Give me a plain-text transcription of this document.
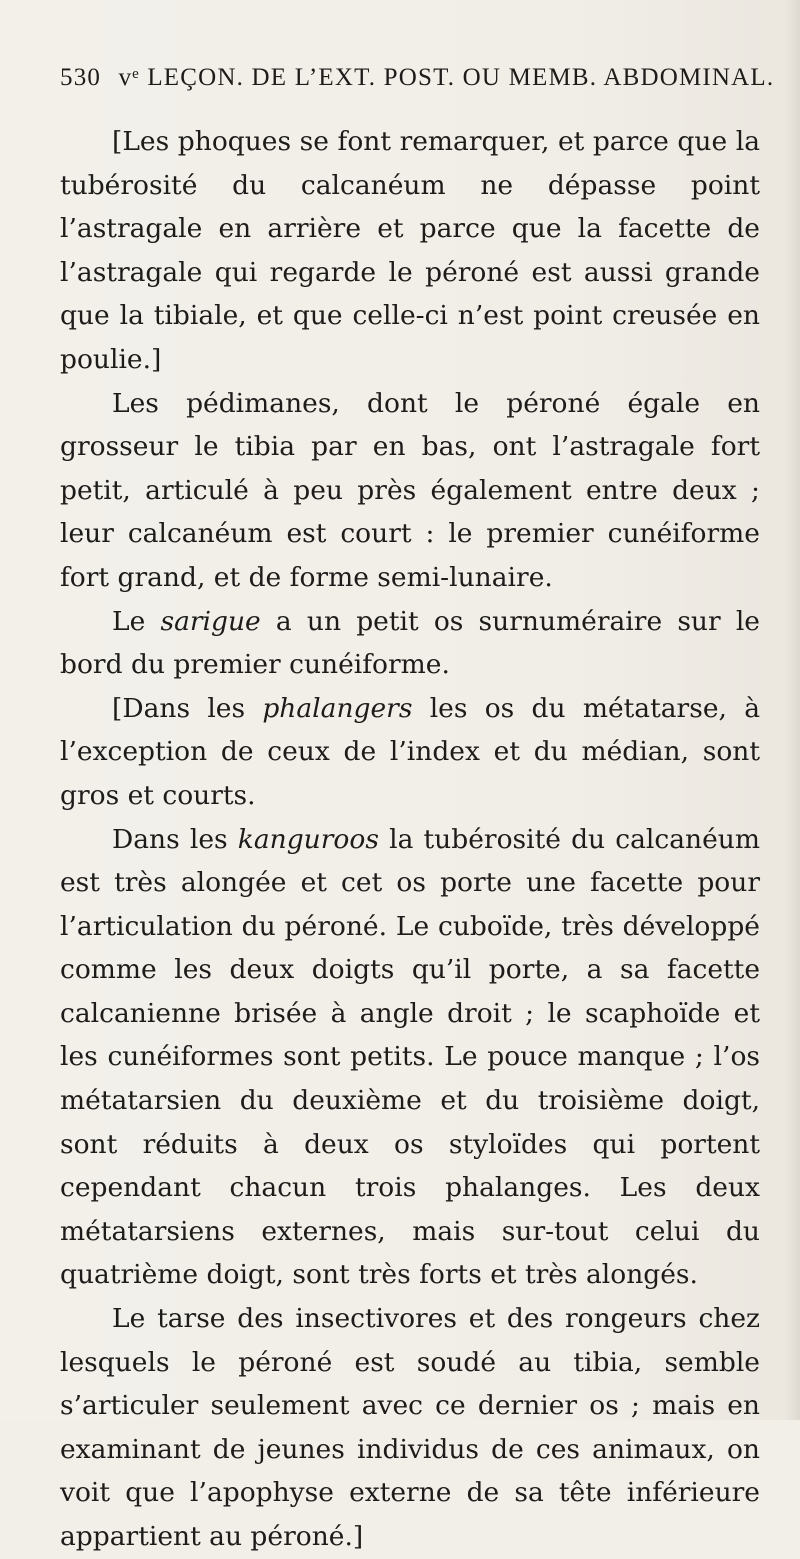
530 vᵉ LEÇON. DE L’EXT. POST. OU MEMB. ABDOMINAL.

[Les phoques se font remarquer, et parce que la tubérosité du calcanéum ne dépasse point l’astragale en arrière et parce que la facette de l’astragale qui regarde le péroné est aussi grande que la tibiale, et que celle-ci n’est point creusée en poulie.]

Les pédimanes, dont le péroné égale en grosseur le tibia par en bas, ont l’astragale fort petit, articulé à peu près également entre deux ; leur calcanéum est court : le premier cunéiforme fort grand, et de forme semi-lunaire.

Le sarigue a un petit os surnuméraire sur le bord du premier cunéiforme.

[Dans les phalangers les os du métatarse, à l’exception de ceux de l’index et du médian, sont gros et courts.

Dans les kanguroos la tubérosité du calcanéum est très alongée et cet os porte une facette pour l’articulation du péroné. Le cuboïde, très développé comme les deux doigts qu’il porte, a sa facette calcanienne brisée à angle droit ; le scaphoïde et les cunéiformes sont petits. Le pouce manque ; l’os métatarsien du deuxième et du troisième doigt, sont réduits à deux os styloïdes qui portent cependant chacun trois phalanges. Les deux métatarsiens externes, mais sur-tout celui du quatrième doigt, sont très forts et très alongés.

Le tarse des insectivores et des rongeurs chez lesquels le péroné est soudé au tibia, semble s’articuler seulement avec ce dernier os ; mais en examinant de jeunes individus de ces animaux, on voit que l’apophyse externe de sa tête inférieure appartient au péroné.]
